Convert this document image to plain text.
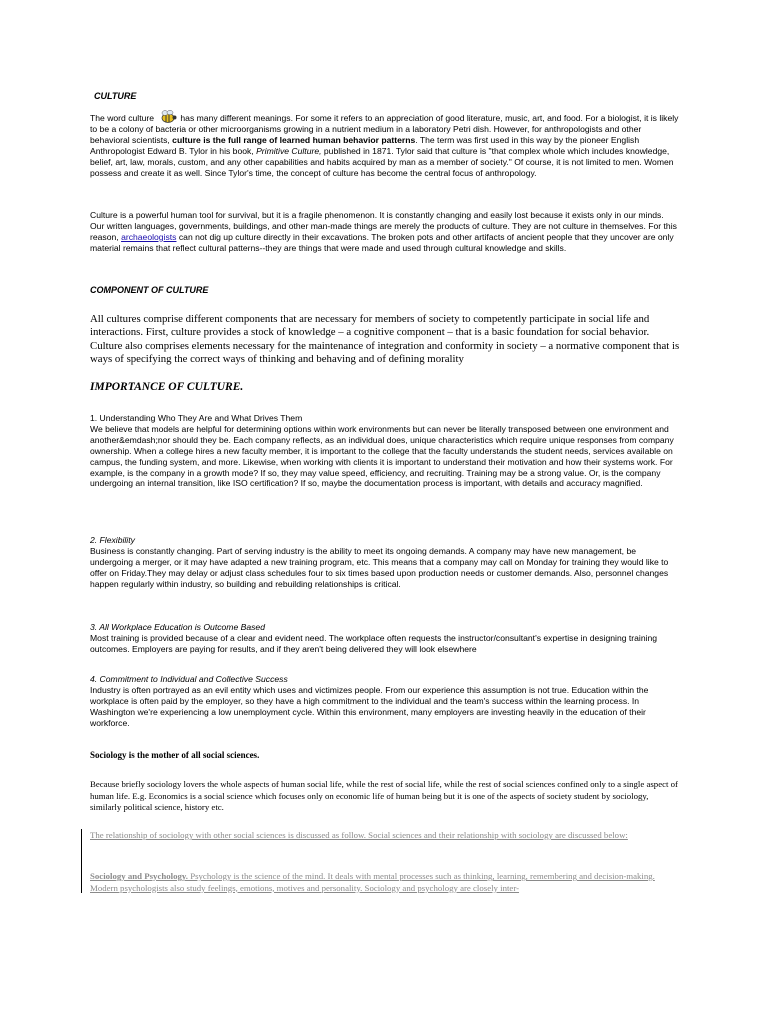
CULTURE
The word culture	has many different meanings. For some it refers to an appreciation of good literature, music, art, and food. For a biologist, it is likely to be a colony of bacteria or other microorganisms growing in a nutrient medium in a laboratory Petri dish. However, for anthropologists and other behavioral scientists, culture is the full range of learned human behavior patterns. The term was first used in this way by the pioneer English Anthropologist Edward B. Tylor in his book, Primitive Culture, published in 1871. Tylor said that culture is "that complex whole which includes knowledge, belief, art, law, morals, custom, and any other capabilities and habits acquired by man as a member of society." Of course, it is not limited to men. Women possess and create it as well. Since Tylor's time, the concept of culture has become the central focus of anthropology.
Culture is a powerful human tool for survival, but it is a fragile phenomenon. It is constantly changing and easily lost because it exists only in our minds. Our written languages, governments, buildings, and other man-made things are merely the products of culture. They are not culture in themselves. For this reason, archaeologists can not dig up culture directly in their excavations. The broken pots and other artifacts of ancient people that they uncover are only material remains that reflect cultural patterns--they are things that were made and used through cultural knowledge and skills.
COMPONENT OF CULTURE
All cultures comprise different components that are necessary for members of society to competently participate in social life and interactions. First, culture provides a stock of knowledge – a cognitive component – that is a basic foundation for social behavior. Culture also comprises elements necessary for the maintenance of integration and conformity in society – a normative component that is ways of specifying the correct ways of thinking and behaving and of defining morality
IMPORTANCE OF CULTURE.
1. Understanding Who They Are and What Drives Them
We believe that models are helpful for determining options within work environments but can never be literally transposed between one environment and another&emdash;nor should they be. Each company reflects, as an individual does, unique characteristics which require unique responses from company ownership. When a college hires a new faculty member, it is important to the college that the faculty understands the student needs, services available on campus, the funding system, and more. Likewise, when working with clients it is important to understand their motivation and how their systems work. For example, is the company in a growth mode? If so, they may value speed, efficiency, and recruiting. Training may be a strong value. Or, is the company undergoing an internal transition, like ISO certification? If so, maybe the documentation process is important, with details and accuracy magnified.
2. Flexibility
Business is constantly changing. Part of serving industry is the ability to meet its ongoing demands. A company may have new management, be undergoing a merger, or it may have adapted a new training program, etc. This means that a company may call on Monday for training they would like to offer on Friday.They may delay or adjust class schedules four to six times based upon production needs or customer demands. Also, personnel changes happen regularly within industry, so building and rebuilding relationships is critical.
3. All Workplace Education is Outcome Based
Most training is provided because of a clear and evident need. The workplace often requests the instructor/consultant's expertise in designing training outcomes. Employers are paying for results, and if they aren't being delivered they will look elsewhere
4. Commitment to Individual and Collective Success
Industry is often portrayed as an evil entity which uses and victimizes people. From our experience this assumption is not true. Education within the workplace is often paid by the employer, so they have a high commitment to the individual and the team's success within the learning process. In Washington we're experiencing a low unemployment cycle. Within this environment, many employers are investing heavily in the education of their workforce.
Sociology is the mother of all social sciences.
Because briefly sociology lovers the whole aspects of human social life, while the rest of social life, while the rest of social sciences confined only to a single aspect of human life. E.g. Economics is a social science which focuses only on economic life of human being but it is one of the aspects of society student by sociology, similarly political science, history etc.
The relationship of sociology with other social sciences is discussed as follow. Social sciences and their relationship with sociology are discussed below:
Sociology and Psychology. Psychology is the science of the mind. It deals with mental processes such as thinking, learning, remembering and decision-making. Modern psychologists also study feelings, emotions, motives and personality. Sociology and psychology are closely inter-
